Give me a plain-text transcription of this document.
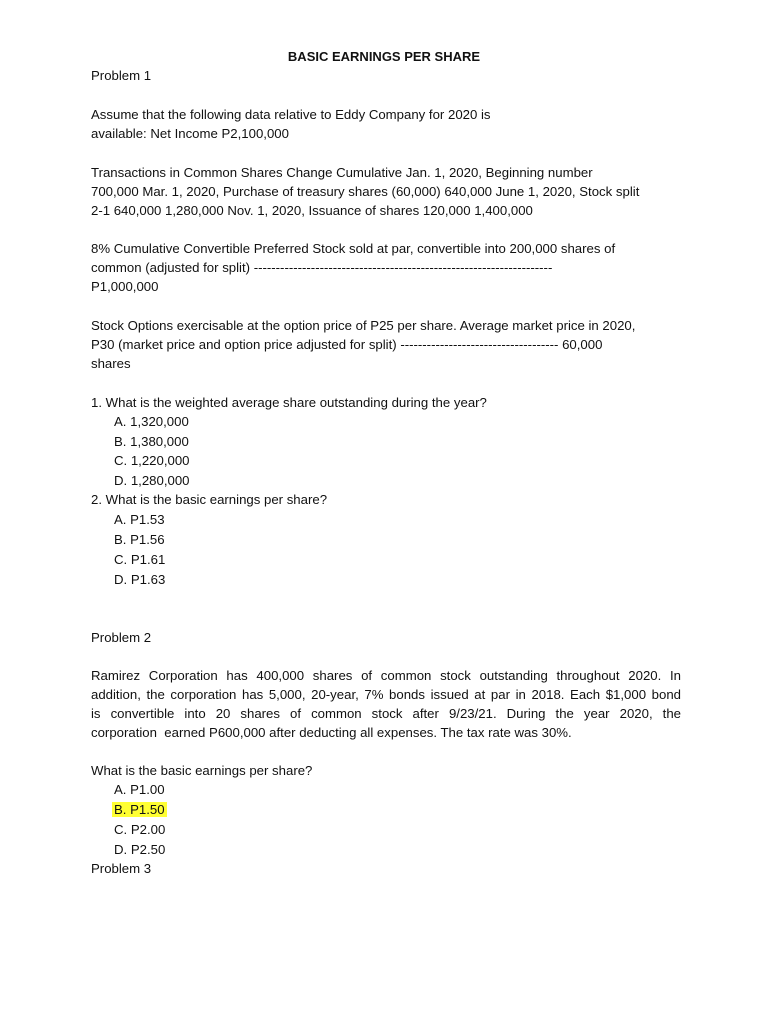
BASIC EARNINGS PER SHARE
Problem 1
Assume that the following data relative to Eddy Company for 2020 is
available: Net Income P2,100,000
Transactions in Common Shares Change Cumulative Jan. 1, 2020, Beginning number
700,000 Mar. 1, 2020, Purchase of treasury shares (60,000) 640,000 June 1, 2020, Stock split
2-1 640,000 1,280,000 Nov. 1, 2020, Issuance of shares 120,000 1,400,000
8% Cumulative Convertible Preferred Stock sold at par, convertible into 200,000 shares of
common (adjusted for split) --------------------------------------------------------------------
P1,000,000
Stock Options exercisable at the option price of P25 per share. Average market price in 2020,
P30 (market price and option price adjusted for split) ------------------------------------ 60,000
shares
1. What is the weighted average share outstanding during the year?
A. 1,320,000
B. 1,380,000
C. 1,220,000
D. 1,280,000
2. What is the basic earnings per share?
A. P1.53
B. P1.56
C. P1.61
D. P1.63
Problem 2
Ramirez Corporation has 400,000 shares of common stock outstanding throughout 2020. In
addition, the corporation has 5,000, 20-year, 7% bonds issued at par in 2018. Each $1,000 bond
is convertible into 20 shares of common stock after 9/23/21. During the year 2020, the
corporation  earned P600,000 after deducting all expenses. The tax rate was 30%.
What is the basic earnings per share?
A. P1.00
B. P1.50
C. P2.00
D. P2.50
Problem 3
